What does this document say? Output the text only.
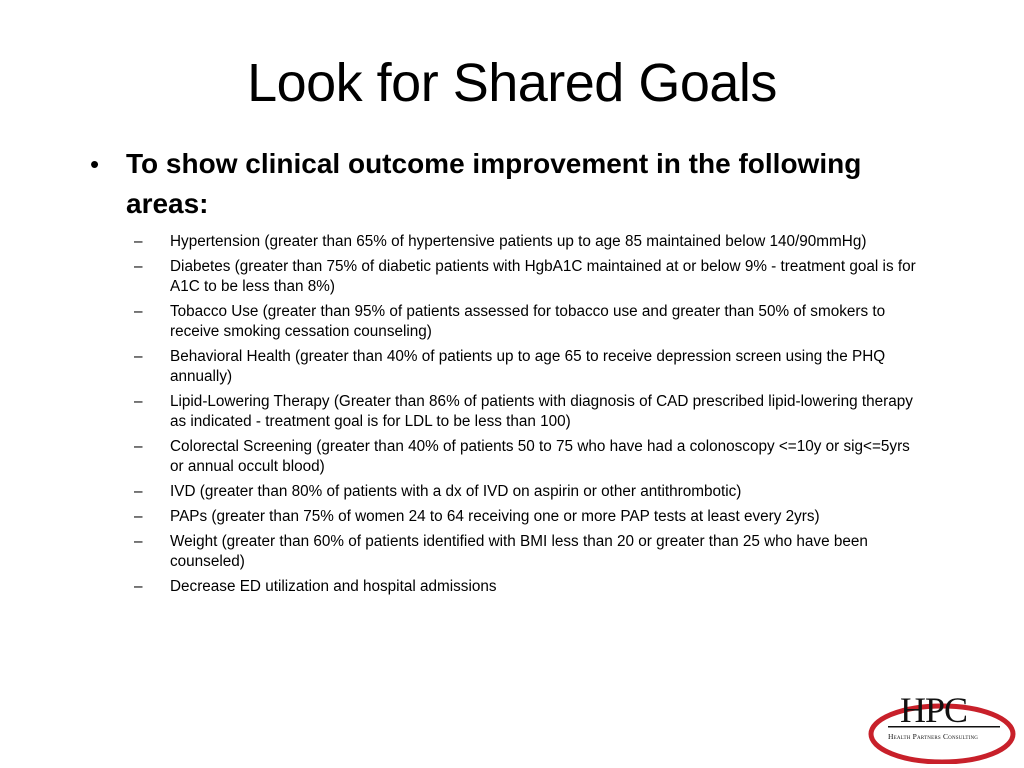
Look for Shared Goals
• To show clinical outcome improvement in the following areas:
– Hypertension (greater than 65% of hypertensive patients up to age 85 maintained below 140/90mmHg)
– Diabetes (greater than 75% of diabetic patients with HgbA1C maintained at or below 9% - treatment goal is for A1C to be less than 8%)
– Tobacco Use (greater than 95% of patients assessed for tobacco use and greater than 50% of smokers to receive smoking cessation counseling)
– Behavioral Health (greater than 40% of patients up to age 65 to receive depression screen using the PHQ annually)
– Lipid-Lowering Therapy (Greater than 86% of patients with diagnosis of CAD prescribed lipid-lowering therapy as indicated - treatment goal is for LDL to be less than 100)
– Colorectal Screening (greater than 40% of patients 50 to 75 who have had a colonoscopy <=10y or sig<=5yrs or annual occult blood)
– IVD (greater than 80% of patients with a dx of IVD on aspirin or other antithrombotic)
– PAPs (greater than 75% of women 24 to 64 receiving one or more PAP tests at least every 2yrs)
– Weight (greater than 60% of patients identified with BMI less than 20 or greater than 25 who have been counseled)
– Decrease ED utilization and hospital admissions
HPC
Health Partners Consulting
